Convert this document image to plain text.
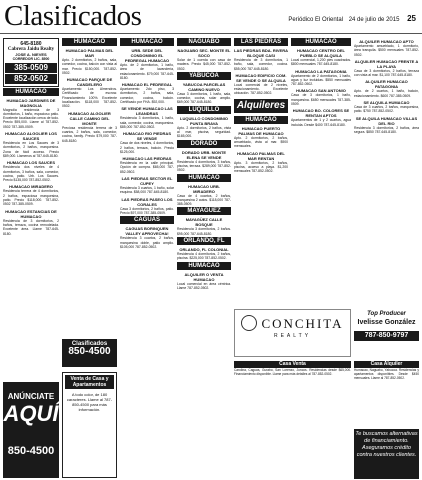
Clasificados	Periódico El Oriental 24 de julio de 2015 25
645-8180
Cabrera Jaidu Realty
JOSE A. NIEVES
CORREDOR LIC. 8500
385-0509
852-0502
HUMACAO
HUMACAO JARDINES DE MAGNOLIA
Magnolia residencia de 3 dormitorios, 1 baño, espacioso patio. Excelente localización cerca de todo. Precio $95,000. Llame al 787-852-0502 787-385-0509.
HUMACAO ALGOLIER LOS SAUCES
Residencia en Los Sauces de 3 dormitorios, 2 baños, marquesina. Zona de fácil acceso. Precio $89,000. Llamenos al 787-645-8180.
HUMACAO LOS SAUCES
Residencia dos niveles de 4 dormitorios, 3 baños, sala, comedor, cocina, patio. Urb. Los Sauces. Precio $135,000 787-852-0502.
HUMACAO MIRADERO
Residencia terrera de 4 dormitorios, 2 baños, espaciosa marquesina, patio. Precio $118,000. 787-852-0502 787-385-0509.
HUMACAO ESTANCIAS DE HUMACAO
Residencia de 3 dormitorios, 2 baños, terraza, cocina remodelada. Excelente área. Llame 787-645-8180.
ANÚNCIATE
AQUÍ
850-4500
HUMACAO
HUMACAO PALMAS DEL MAR
Apto. 2 dormitorios, 2 baños, sala, comedor, cocina, balcón con vista al mar. Precio $150,000. 787-852-0502.
HUMACAO PARQUE DE CANDELERO
Apartamento Los Almendros. Certificado de escrow. Financiamiento 100%. Excelente localización. $118,000 787-852-0502.
HUMACAO ALGOLIER CALLE CAMINO DEL MONTE
Preciosa residencia terrera de 3 cuartos, 2 baños, sala, comedor, cocina, family. Precio $79,000 787-645-8180.
Clasificados
850-4500
Venta de Casa y Apartamentos
A todo color, de 180 caracteres. Llame al 787-850-4500 para más información.
HUMACAO
URB. SEDE DEL CONDOMINIO EL PEDREGAL HUMACAO
Apto. de 2 dormitorios, 1 baño, área de lavandería, estacionamiento. $79,000 787-645-8180.
HUMACAO EL PEDREGAL
Apartamento 2do piso, 3 dormitorios, 2 baños, sala, comedor, cocina, balcón. Certificado por FHA. $92,000.
SE VENDE HUMACAO LAS LEANDRAS
Residencia 3 dormitorios, 1 baño, sala, comedor, cocina, marquesina. $85,000 787-852-0502.
HUMACAO RIO PIEDRAS SE VENDE
Casa de dos niveles, 4 dormitorios, 2 baños, terraza, balcón. Precio $125,000.
HUMACAO LAS PIEDRAS
Residencia en la calle principal. Opción de compra. $65,000 787-852-0502.
LAS PIEDRAS SECTOR EL CUPEY
Residencia 3 cuartos, 1 baño, solar esquina. $58,000 787-645-8180.
LAS PIEDRAS PASEO LOS CORALES
Casa 3 dormitorios, 2 baños, patio. Precio $97,000 787-385-0509.
CAGUAS
CAGUAS BORINQUEN VALLEY APROVECHA!
Residencia 3 cuartos, 2 baños, marquesina doble, patio amplio. $105,000 787-852-0502.
NAGUABO
NAGUABO SEC. MONTE EL SOCO
Solar de 1 cuerda con casa de madera. Precio $45,000 787-852-0502.
YABUCOA
YABUCOA PARCELAS CAMINO NUEVO
Casa 3 dormitorios, 1 baño, sala, comedor, cocina, solar amplio. $69,000 787-645-8180.
LUQUILLO
LUQUILLO CONDOMINIO PUNTA BRAVA
Apto. 2 dormitorios, 2 baños, vista al mar, piscina, seguridad. $165,000.
DORADO
DORADO URB. MONTE ELENA SE VENDE
Residencia 4 dormitorios, 3 baños, piscina, terraza. $289,000 787-852-0502.
HUMACAO
HUMACAO URB. MIRADERO
Casa de 4 cuartos, 2 baños, marquesina 2 autos. $118,000 787-385-0509.
MAYAGÜEZ
MAYAGÜEZ CALLE BOSQUE
Residencia 3 dormitorios, 2 baños. $95,000 787-645-8180.
ORLANDO, FL
ORLANDO, FL COLONIAL
Residencia 4 dormitorios, 2 baños, piscina. $225,000 787-852-0502.
HUMACAO
ALQUILER O VENTA HUMACAO
Local comercial en área céntrica. Llame 787-852-0502.
LAS PIEDRAS
LAS PIEDRAS BDA. RIVERA BLOQUE CASI
Residencia de 3 dormitorios, 1 baño, sala, comedor, cocina. $55,000 787-645-8180.
HUMACAO EDIFICIO COM. SE VENDE O SE ALQUILA
Local comercial de 2 niveles, estacionamiento. Excelente ubicación. 787-852-0502.
Alquileres
HUMACAO
HUMACAO PUERTO PALMAS DE HUMACAO
Apto. 2 dormitorios, 2 baños, amueblado, vista al mar. $900 mensuales.
HUMACAO PALMAS DEL MAR RENTAN
Apto. 3 dormitorios, 2 baños, piscina, acceso a playa. $1,200 mensuales 787-852-0502.
HUMACAO
HUMACAO CENTRO DEL PUEBLO SE ALQUILA
Local comercial, 1,200 pies cuadrados. $800 mensuales 787-645-8180.
HUMACAO LA PATAGONIA
Apartamento de 2 dormitorios, 1 baño, agua y luz incluidas. $550 mensuales 787-852-0502.
HUMACAO SAN ANTONIO
Casa de 3 dormitorios, 1 baño, marquesina. $650 mensuales 787-385-0509.
HUMACAO BO. COLORES SE RENTAN APTOS
Apartamentos de 1 y 2 cuartos, agua incluida. Desde $400 787-645-8180.
ALQUILER HUMACAO APTO
Apartamento amueblado, 1 dormitorio, área tranquila. $500 mensuales 787-852-0502.
ALQUILER HUMACAO FRENTE A LA PLAYA
Casa de 3 dormitorios, 2 baños, terraza con vista al mar. $1,100 787-645-8180.
ALQUILER HUMACAO PATAGONIA
Apto. de 2 cuartos, 1 baño, balcón, estacionamiento. $600 787-385-0509.
SE ALQUILA HUMACAO
Casa de 3 cuartos, 2 baños, marquesina, patio. $750 787-852-0502.
SE ALQUILA HUMACAO VILLAS DEL RIO
Residencia 3 dormitorios, 2 baños, área segura. $850 787-645-8180.
CONCHITA
REALTY
Top Producer
Ivelisse González
787-850-9797
Casa Venta
Carolina, Caguas, Gurabo, San Lorenzo, Juncos. Residencias desde $65,000. Financiamiento disponible. Llame para más detalles al 787-852-0502.
Casa Alquiler
Humacao, Naguabo, Yabucoa. Residencias y apartamentos disponibles. Desde $450 mensuales. Llame al 787-852-0502.
Te buscamos alternativas de financiamiento. Aseguramos crédito contra nuestros clientes.
